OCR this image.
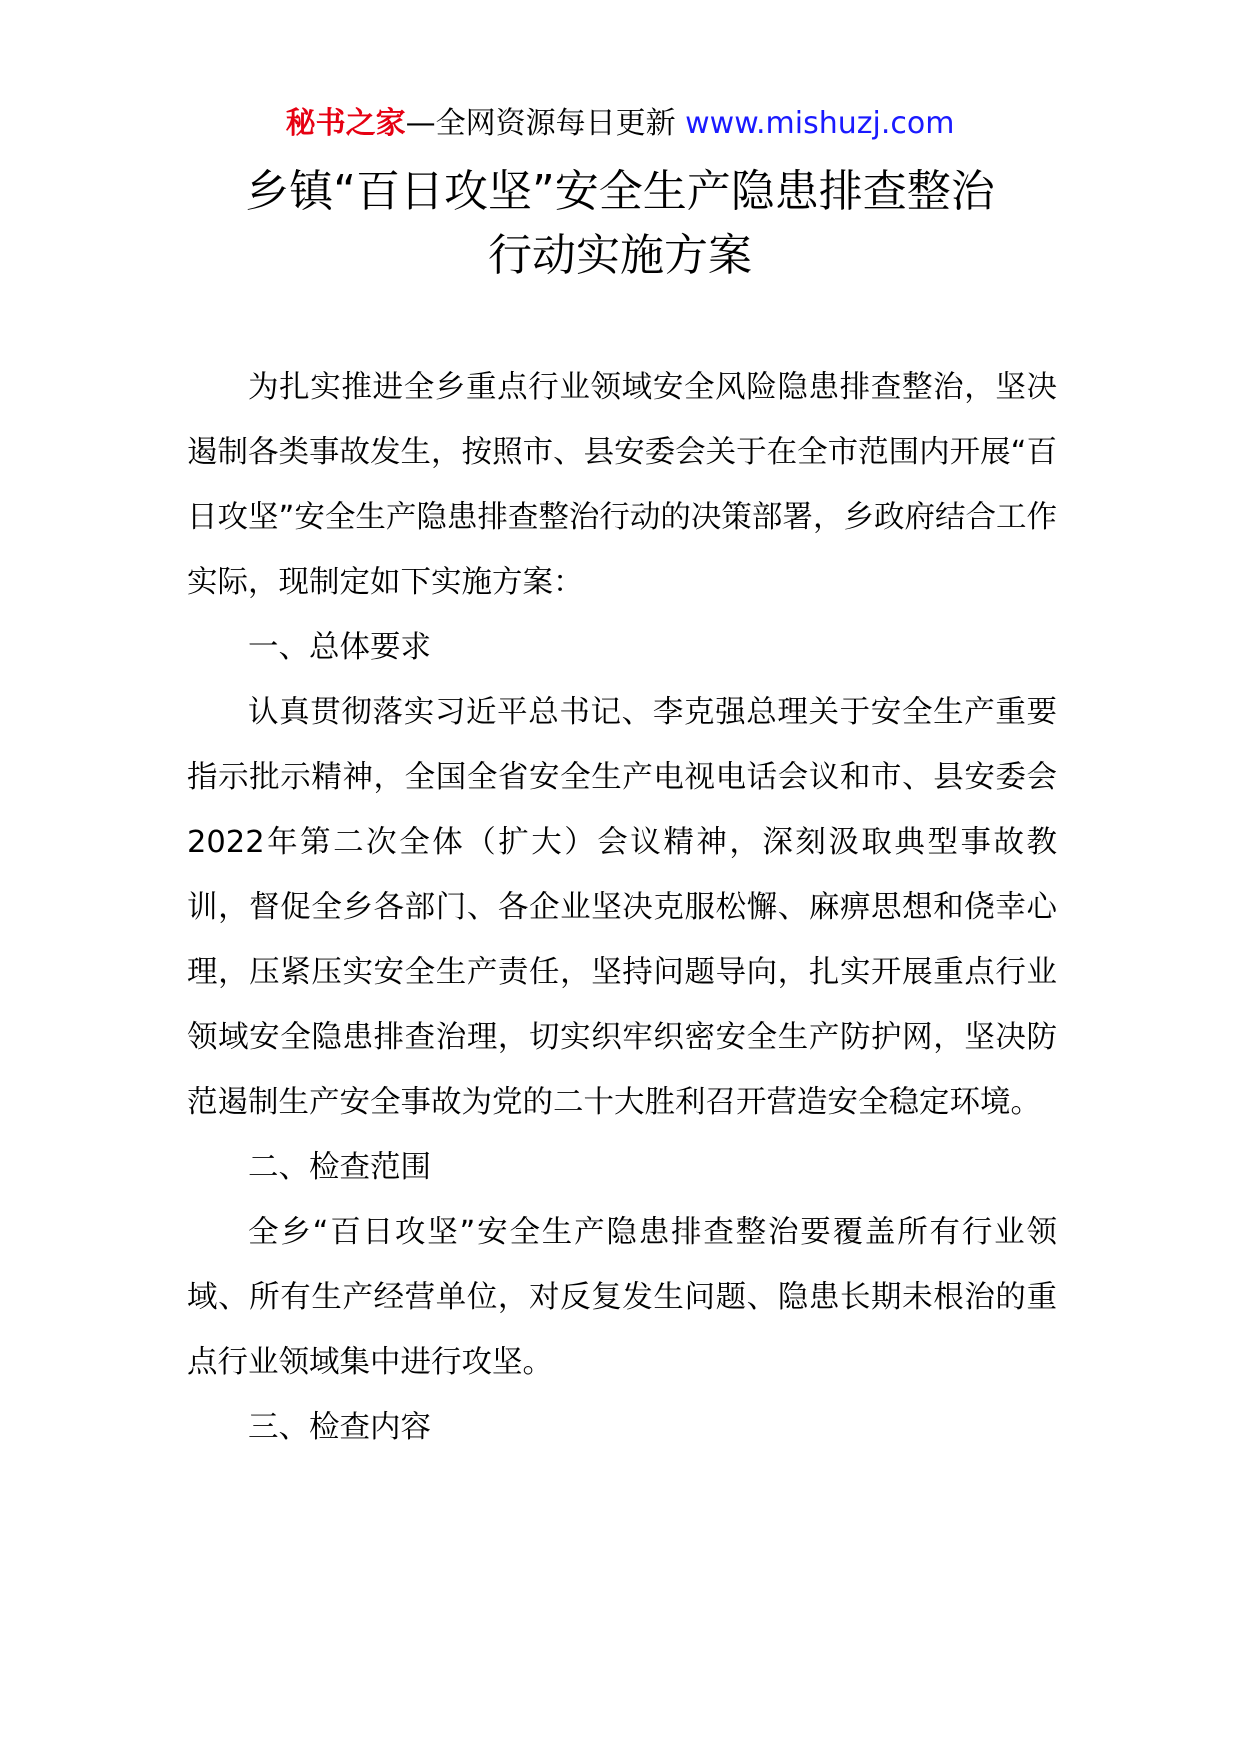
秘书之家—全网资源每日更新 www.mishuzj.com
乡镇“百日攻坚”安全生产隐患排查整治
行动实施方案

为扎实推进全乡重点行业领域安全风险隐患排查整治，坚决遏制各类事故发生，按照市、县安委会关于在全市范围内开展“百日攻坚”安全生产隐患排查整治行动的决策部署，乡政府结合工作实际，现制定如下实施方案：

一、总体要求

认真贯彻落实习近平总书记、李克强总理关于安全生产重要指示批示精神，全国全省安全生产电视电话会议和市、县安委会2022年第二次全体（扩大）会议精神，深刻汲取典型事故教训，督促全乡各部门、各企业坚决克服松懈、麻痹思想和侥幸心理，压紧压实安全生产责任，坚持问题导向，扎实开展重点行业领域安全隐患排查治理，切实织牢织密安全生产防护网，坚决防范遏制生产安全事故为党的二十大胜利召开营造安全稳定环境。

二、检查范围

全乡“百日攻坚”安全生产隐患排查整治要覆盖所有行业领域、所有生产经营单位，对反复发生问题、隐患长期未根治的重点行业领域集中进行攻坚。

三、检查内容
